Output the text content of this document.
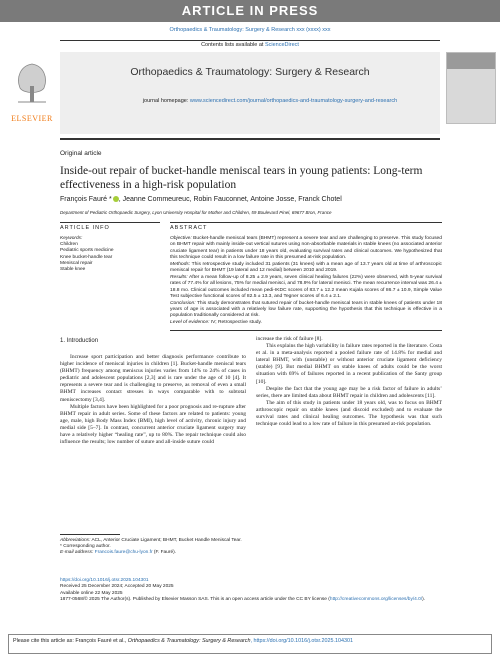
ARTICLE IN PRESS
Orthopaedics & Traumatology: Surgery & Research xxx (xxxx) xxx
Contents lists available at ScienceDirect
ELSEVIER
Orthopaedics & Traumatology: Surgery & Research
journal homepage: www.sciencedirect.com/journal/orthopaedics-and-traumatology-surgery-and-research
Original article
Inside-out repair of bucket-handle meniscal tears in young patients: Long-term effectiveness in a high-risk population
François Fauré * , Jeanne Commeureuc, Robin Fauconnet, Antoine Josse, Franck Chotel
Department of Pediatric Orthopaedic Surgery, Lyon University Hospital for Mother and Children, 59 Boulevard Pinel, 69677 Bron, France
ARTICLE INFO	ABSTRACT
Keywords:
Children
Pediatric sports medicine
Knee bucket-handle tear
Meniscal repair
Stable knee

Objective: Bucket-handle meniscal tears (BHMT) represent a severe tear and are challenging to preserve. This study focused on BHMT repair with mainly inside-out vertical sutures using non-absorbable materials in stable knees (no associated anterior cruciate ligament tear) in patients under 18 years old, evaluating survival rates and clinical outcomes. We hypothesized that this technique could result in a low failure rate in this presumed at-risk population.

Methods: This retrospective study included 31 patients (31 knees) with a mean age of 13.7 years old at time of arthroscopic meniscal repair for BHMT (19 lateral and 12 medial) between 2010 and 2019.

Results: After a mean follow-up of 8.25 ± 2.9 years, seven clinical healing failures (22%) were observed, with 5-year survival rates of 77.4% for all lesions, 75% for medial menisci, and 78.9% for lateral menisci. The mean recurrence interval was 26.4 ± 18.8 mo. Clinical outcomes included mean pedi-IKDC scores of 83.7 ± 12.2 mean Kujala scores of 86.7 ± 10.9, Simple Value Test subjective functional scores of 82.5 ± 13.3, and Tegner scores of 6.4 ± 2.1.

Conclusion: This study demonstrates that sutured repair of bucket-handle meniscal tears in stable knees of patients under 18 years of age is associated with a relatively low failure rate, supporting the hypothesis that this technique is effective in a population traditionally considered at risk.

Level of evidence: IV; Retrospective study.

1. Introduction

Increase sport participation and better diagnosis performance contribute to higher incidence of meniscal injuries in children [1]. Bucket-handle meniscal tears (BHMT) frequency among meniscus injuries varies from 14% to 24% of cases in pediatric and adolescent populations [2,3] and is rare under the age of 10 [4]. It represents a severe tear and is challenging to preserve, as removal of even a small BHMT increases contact stresses in ways comparable with to subtotal meniscectomy [3,4].

Multiple factors have been highlighted for a poor prognosis and re-rupture after BHMT repair in adult series. Some of these factors are related to patients: young age, male, high Body Mass Index (BMI), high level of activity, chronic injury and medial side [5–7]. In contrast, concurrent anterior cruciate ligament surgery may have a relatively higher “healing rate”, up to 80%. The repair technique could also influence the results; low number of suture and all-inside suture could

increase the risk of failure [8].

This explains the high variability in failure rates reported in the literature. Costa et al. in a meta-analysis reported a pooled failure rate of 14.8% for medial and lateral BHMT, with (unstable) or without anterior cruciate ligament deficiency (stable) [9]. But medial BHMT on stable knees of adults could be the worst situation with 69% of failures reported in a recent publication of the Santy group [10].

Despite the fact that the young age may be a risk factor of failure in adults’ series, there are limited data about BHMT repair in children and adolescents [11].

The aim of this study in patients under 18 years old, was to focus on BHMT arthroscopic repair on stable knees (and discoid excluded) and to evaluate the survival rates and clinical healing outcomes. The hypothesis was that such technique could lead to a low rate of failure in this presumed at-risk population.

Abbreviations: ACL, Anterior Cruciate Ligament; BHMT, Bucket Handle Meniscal Tear.
* Corresponding author.
E-mail address: Francois.faure@chu-lyon.fr (F. Fauré).
https://doi.org/10.1016/j.otsr.2025.104301
Received 25 December 2024; Accepted 20 May 2025
Available online 22 May 2025
1877-0568/© 2025 The Author(s). Published by Elsevier Masson SAS. This is an open access article under the CC BY license (http://creativecommons.org/licenses/by/4.0/).
Please cite this article as: François Fauré et al., Orthopaedics & Traumatology: Surgery & Research, https://doi.org/10.1016/j.otsr.2025.104301
